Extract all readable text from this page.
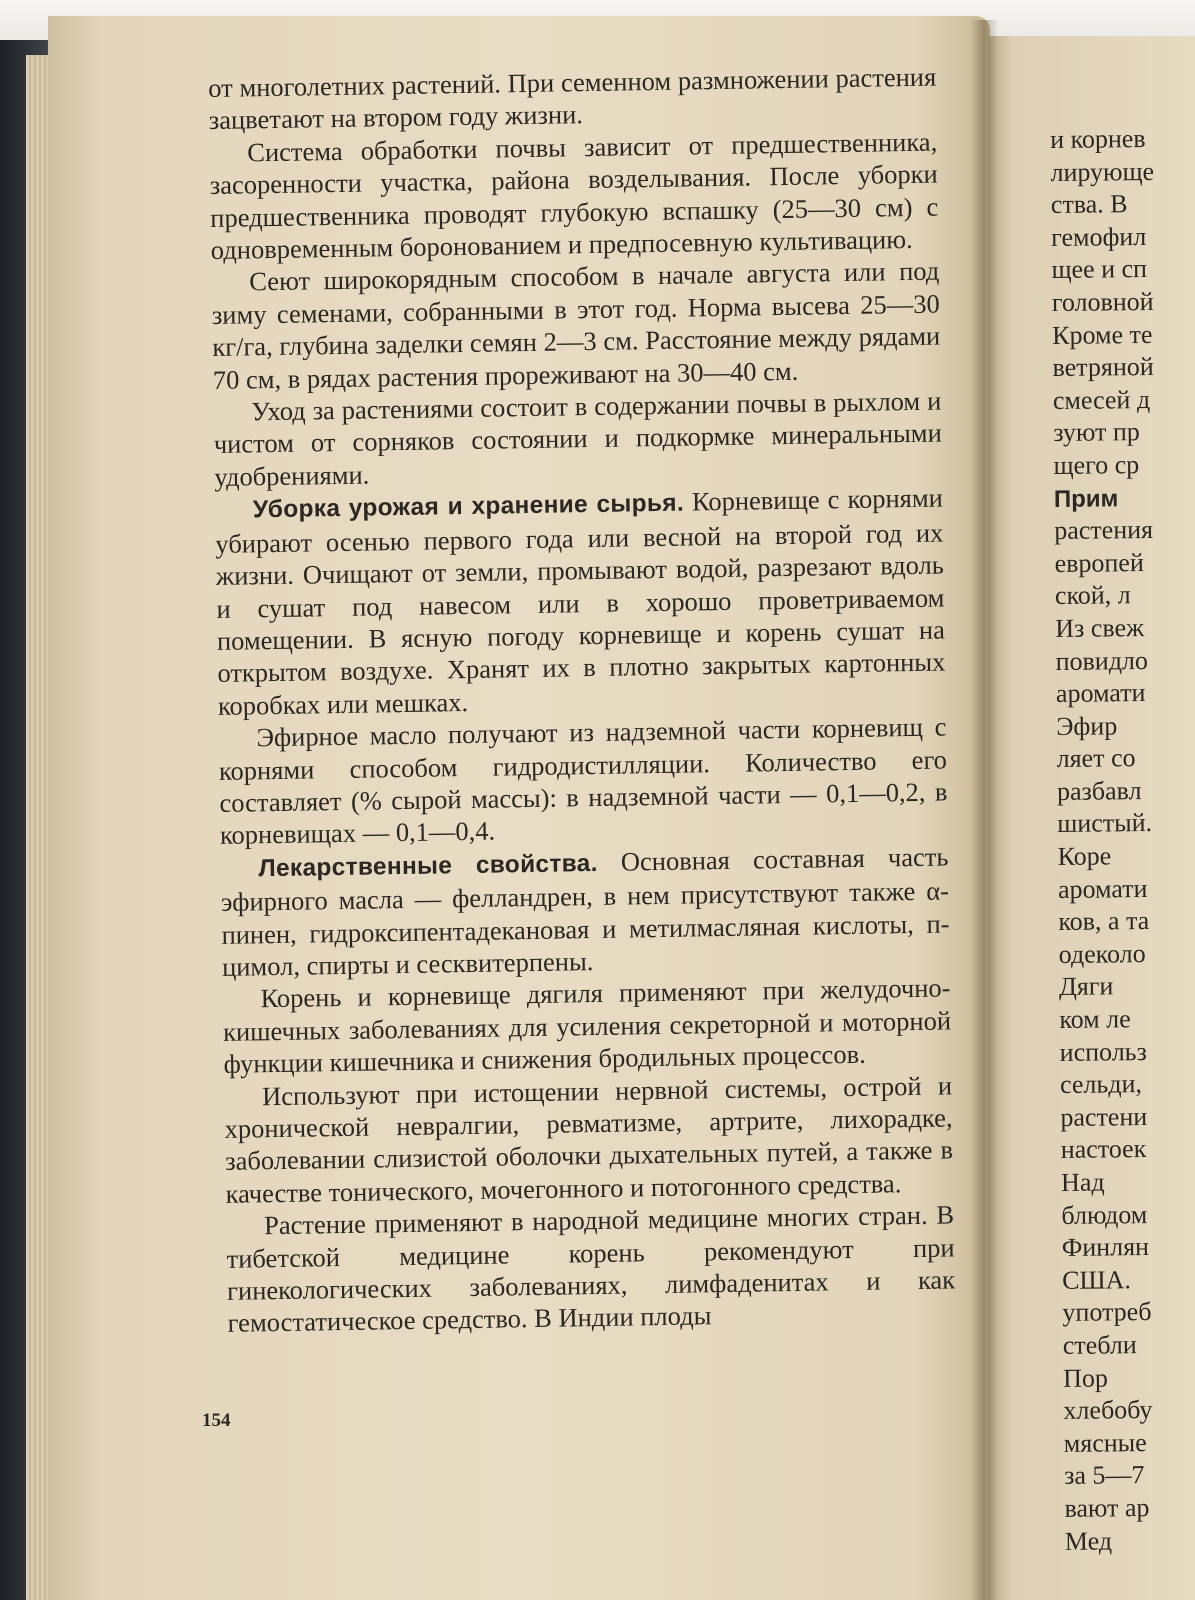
и корнев
лирующе
ства. В
гемофил
щее и сп
головной
Кроме те
ветряной
смесей д
зуют пр
щего ср
Прим
растения
европей
ской, л
Из свеж
повидло
аромати
Эфир
ляет со
разбавл
шистый.
Коре
аромати
ков, а та
одеколо
Дяги
ком ле
использ
сельди,
растени
настоек
Над
блюдом
Финлян
США.
употреб
стебли
Пор
хлебобу
мясные
за 5—7
вают ар
Мед

от многолетних растений. При семенном размножении растения зацветают на втором году жизни.

Система обработки почвы зависит от предшественника, засоренности участка, района возделывания. После уборки предшественника проводят глубокую вспашку (25—30 см) с одновременным боронованием и предпосевную культивацию.

Сеют широкорядным способом в начале августа или под зиму семенами, собранными в этот год. Норма высева 25—30 кг/га, глубина заделки семян 2—3 см. Расстояние между рядами 70 см, в рядах растения прореживают на 30—40 см.

Уход за растениями состоит в содержании почвы в рыхлом и чистом от сорняков состоянии и подкормке минеральными удобрениями.

Уборка урожая и хранение сырья. Корневище с корнями убирают осенью первого года или весной на второй год их жизни. Очищают от земли, промывают водой, разрезают вдоль и сушат под навесом или в хорошо проветриваемом помещении. В ясную погоду корневище и корень сушат на открытом воздухе. Хранят их в плотно закрытых картонных коробках или мешках.

Эфирное масло получают из надземной части корневищ с корнями способом гидродистилляции. Количество его составляет (% сырой массы): в надземной части — 0,1—0,2, в корневищах — 0,1—0,4.

Лекарственные свойства. Основная составная часть эфирного масла — фелландрен, в нем присутствуют также α-пинен, гидроксипентадекановая и метилмасляная кислоты, п-цимол, спирты и сесквитерпены.

Корень и корневище дягиля применяют при желудочно-кишечных заболеваниях для усиления секреторной и моторной функции кишечника и снижения бродильных процессов.

Используют при истощении нервной системы, острой и хронической невралгии, ревматизме, артрите, лихорадке, заболевании слизистой оболочки дыхательных путей, а также в качестве тонического, мочегонного и потогонного средства.

Растение применяют в народной медицине многих стран. В тибетской медицине корень рекомендуют при гинекологических заболеваниях, лимфаденитах и как гемостатическое средство. В Индии плоды

154
